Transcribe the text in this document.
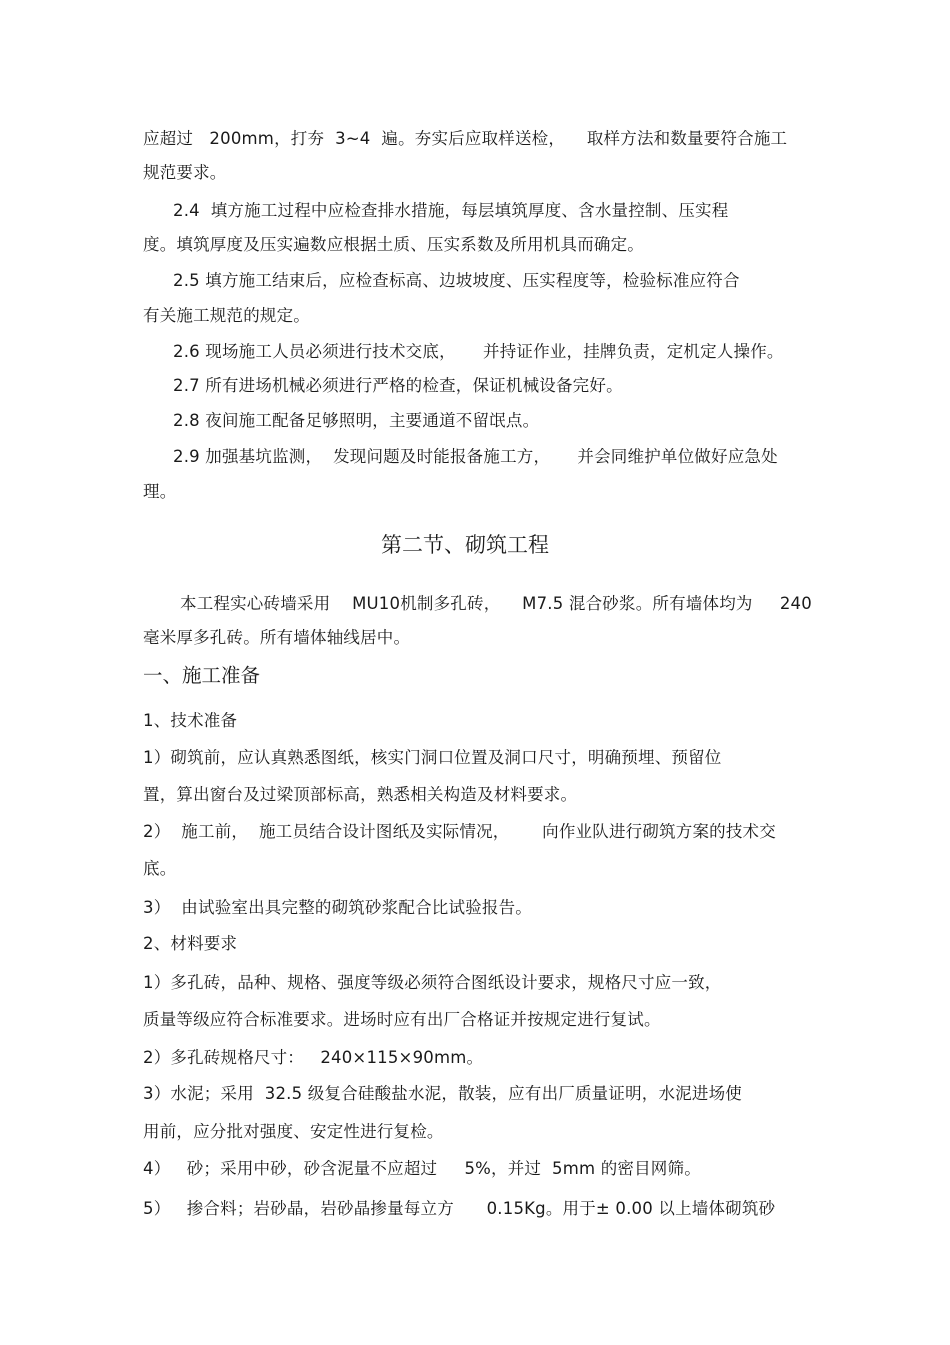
应超过   200mm，打夯  3~4  遍。夯实后应取样送检，    取样方法和数量要符合施工
规范要求。
2.4  填方施工过程中应检查排水措施，每层填筑厚度、含水量控制、压实程
度。填筑厚度及压实遍数应根据土质、压实系数及所用机具而确定。
2.5 填方施工结束后，应检查标高、边坡坡度、压实程度等，检验标准应符合
有关施工规范的规定。
2.6 现场施工人员必须进行技术交底，     并持证作业，挂牌负责，定机定人操作。
2.7 所有进场机械必须进行严格的检查，保证机械设备完好。
2.8 夜间施工配备足够照明，主要通道不留氓点。
2.9 加强基坑监测，  发现问题及时能报备施工方，     并会同维护单位做好应急处
理。
第二节、砌筑工程
本工程实心砖墙采用    MU10机制多孔砖，    M7.5 混合砂浆。所有墙体均为     240
毫米厚多孔砖。所有墙体轴线居中。
一、施工准备
1、技术准备
1）砌筑前，应认真熟悉图纸，核实门洞口位置及洞口尺寸，明确预埋、预留位
置，算出窗台及过梁顶部标高，熟悉相关构造及材料要求。
2）  施工前，  施工员结合设计图纸及实际情况，      向作业队进行砌筑方案的技术交
底。
3）  由试验室出具完整的砌筑砂浆配合比试验报告。
2、材料要求
1）多孔砖，品种、规格、强度等级必须符合图纸设计要求，规格尺寸应一致，
质量等级应符合标准要求。进场时应有出厂合格证并按规定进行复试。
2）多孔砖规格尺寸：   240×115×90mm。
3）水泥；采用  32.5 级复合硅酸盐水泥，散装，应有出厂质量证明，水泥进场使
用前，应分批对强度、安定性进行复检。
4）   砂；采用中砂，砂含泥量不应超过     5%，并过  5mm 的密目网筛。
5）   掺合料；岩砂晶，岩砂晶掺量每立方      0.15Kg。用于± 0.00 以上墙体砌筑砂
